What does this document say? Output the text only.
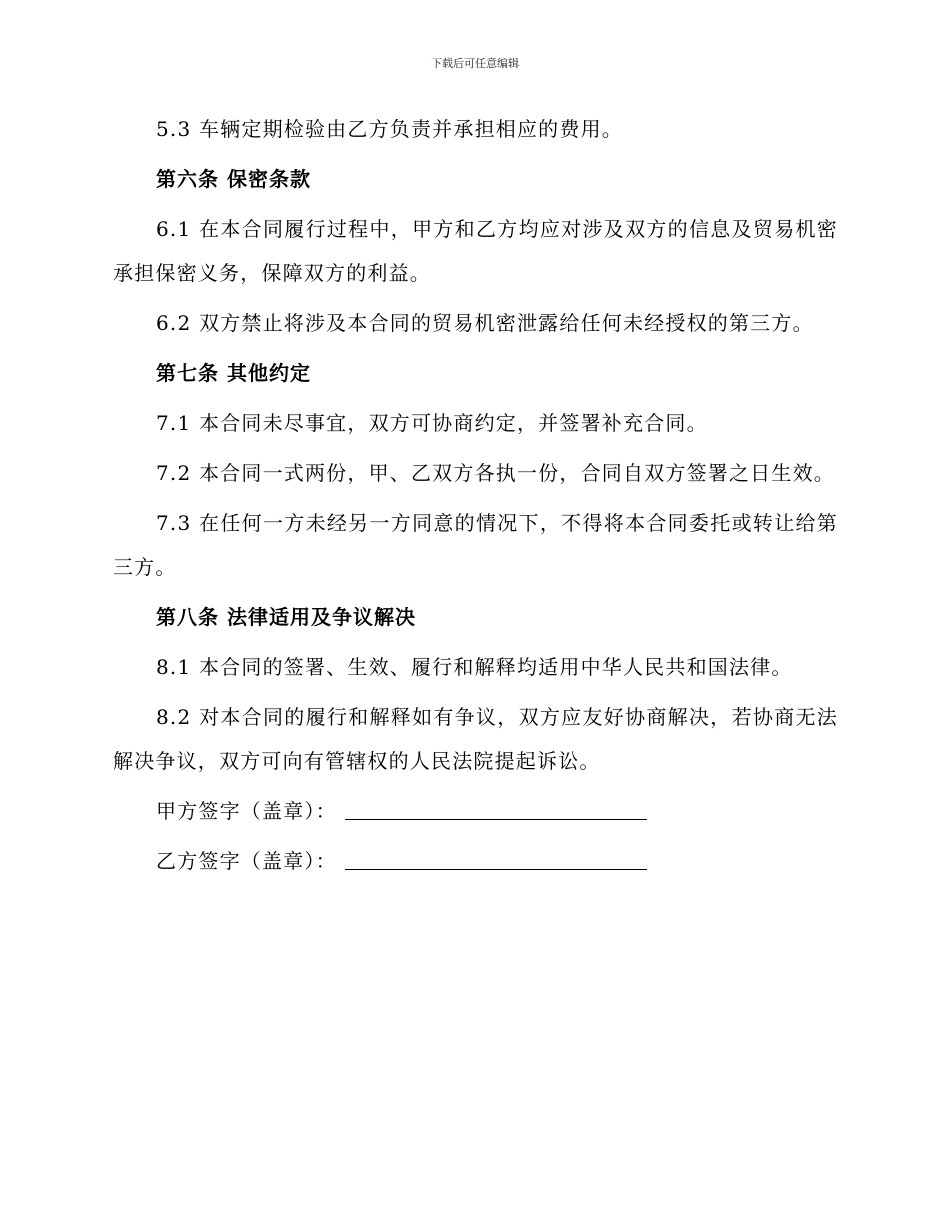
下载后可任意编辑

5.3 车辆定期检验由乙方负责并承担相应的费用。

第六条 保密条款

6.1 在本合同履行过程中，甲方和乙方均应对涉及双方的信息及贸易机密承担保密义务，保障双方的利益。

6.2 双方禁止将涉及本合同的贸易机密泄露给任何未经授权的第三方。

第七条 其他约定

7.1 本合同未尽事宜，双方可协商约定，并签署补充合同。

7.2 本合同一式两份，甲、乙双方各执一份，合同自双方签署之日生效。

7.3 在任何一方未经另一方同意的情况下，不得将本合同委托或转让给第三方。

第八条 法律适用及争议解决

8.1 本合同的签署、生效、履行和解释均适用中华人民共和国法律。

8.2 对本合同的履行和解释如有争议，双方应友好协商解决，若协商无法解决争议，双方可向有管辖权的人民法院提起诉讼。

甲方签字（盖章）：
乙方签字（盖章）：
